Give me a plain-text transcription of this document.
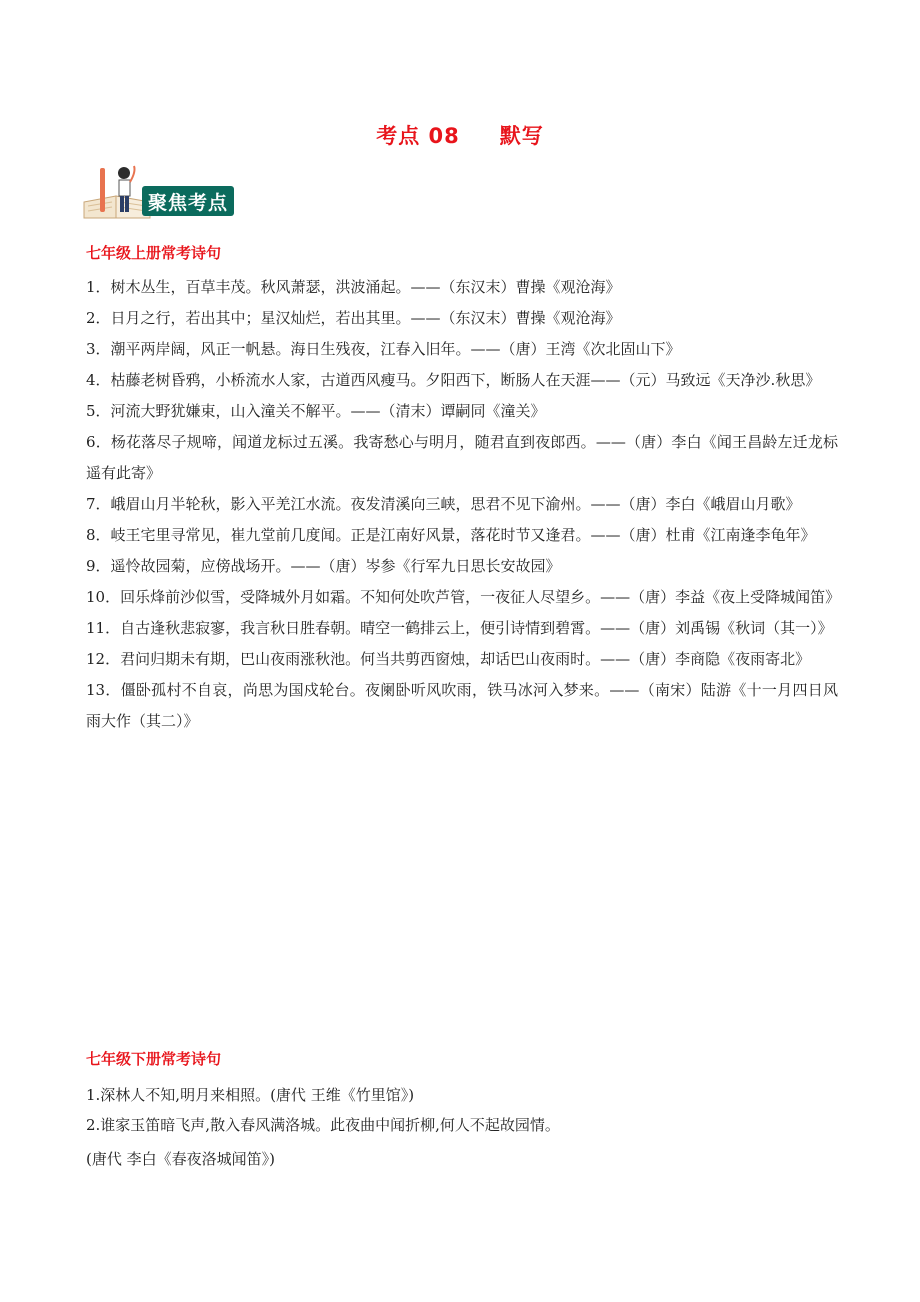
考点 08 默写
聚焦考点
七年级上册常考诗句

1．树木丛生，百草丰茂。秋风萧瑟，洪波涌起。——（东汉末）曹操《观沧海》

2．日月之行，若出其中；星汉灿烂，若出其里。——（东汉末）曹操《观沧海》

3．潮平两岸阔，风正一帆悬。海日生残夜，江春入旧年。——（唐）王湾《次北固山下》

4．枯藤老树昏鸦，小桥流水人家，古道西风瘦马。夕阳西下，断肠人在天涯——（元）马致远《天净沙.秋思》

5．河流大野犹嫌束，山入潼关不解平。——（清末）谭嗣同《潼关》

6．杨花落尽子规啼，闻道龙标过五溪。我寄愁心与明月，随君直到夜郎西。——（唐）李白《闻王昌龄左迁龙标遥有此寄》

7．峨眉山月半轮秋，影入平羌江水流。夜发清溪向三峡，思君不见下渝州。——（唐）李白《峨眉山月歌》

8．岐王宅里寻常见，崔九堂前几度闻。正是江南好风景，落花时节又逢君。——（唐）杜甫《江南逢李龟年》

9．遥怜故园菊，应傍战场开。——（唐）岑参《行军九日思长安故园》

10．回乐烽前沙似雪，受降城外月如霜。不知何处吹芦管，一夜征人尽望乡。——（唐）李益《夜上受降城闻笛》

11．自古逢秋悲寂寥，我言秋日胜春朝。晴空一鹤排云上，便引诗情到碧霄。——（唐）刘禹锡《秋词（其一）》

12．君问归期未有期，巴山夜雨涨秋池。何当共剪西窗烛，却话巴山夜雨时。——（唐）李商隐《夜雨寄北》

13．僵卧孤村不自哀，尚思为国戍轮台。夜阑卧听风吹雨，铁马冰河入梦来。——（南宋）陆游《十一月四日风雨大作（其二）》

七年级下册常考诗句

1.深林人不知,明月来相照。(唐代 王维《竹里馆》)

2.谁家玉笛暗飞声,散入春风满洛城。此夜曲中闻折柳,何人不起故园情。

(唐代 李白《春夜洛城闻笛》)
